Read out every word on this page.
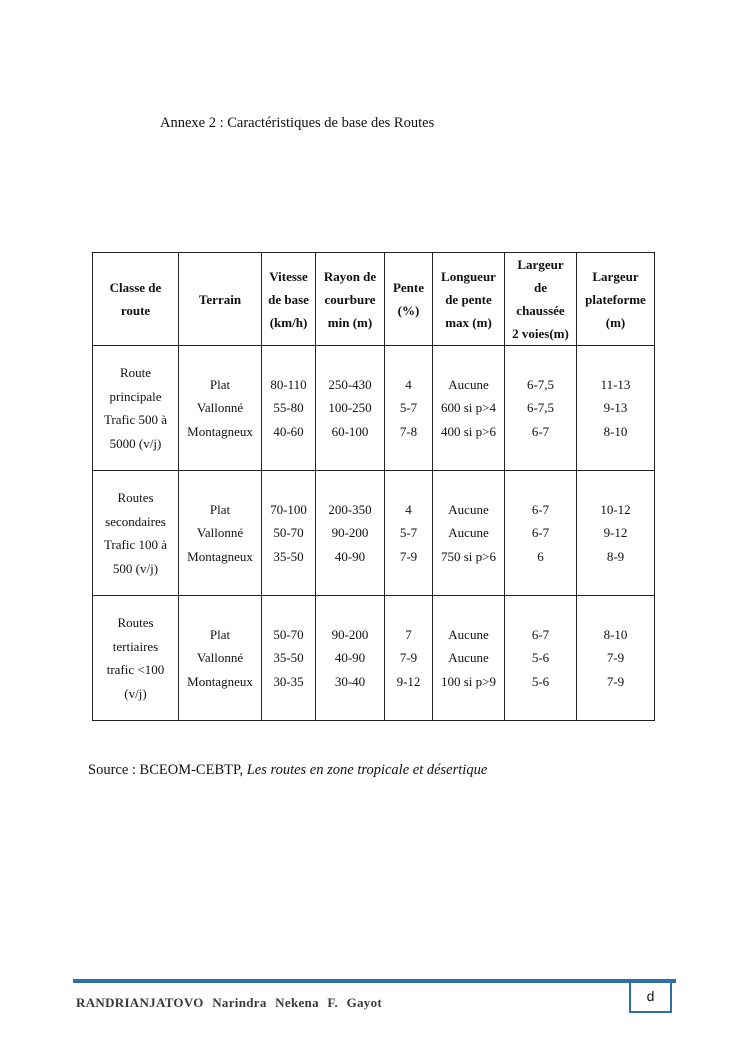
Annexe 2 : Caractéristiques de base des Routes
Classe de
route	Terrain	Vitesse
de base
(km/h)	Rayon de
courbure
min (m)	Pente
(%)	Longueur
de pente
max (m)	Largeur
de
chaussée
2 voies(m)	Largeur
plateforme
(m)

Route
principale
Trafic 500 à
5000 (v/j)	Plat
Vallonné
Montagneux	80-110
55-80
40-60	250-430
100-250
60-100	4
5-7
7-8	Aucune
600 si p>4
400 si p>6	6-7,5
6-7,5
6-7	11-13
9-13
8-10

Routes
secondaires
Trafic 100 à
500 (v/j)	Plat
Vallonné
Montagneux	70-100
50-70
35-50	200-350
90-200
40-90	4
5-7
7-9	Aucune
Aucune
750 si p>6	6-7
6-7
6	10-12
9-12
8-9

Routes
tertiaires
trafic <100
(v/j)	Plat
Vallonné
Montagneux	50-70
35-50
30-35	90-200
40-90
30-40	7
7-9
9-12	Aucune
Aucune
100 si p>9	6-7
5-6
5-6	8-10
7-9
7-9
Source : BCEOM-CEBTP, Les routes en zone tropicale et désertique
RANDRIANJATOVO Narindra Nekena F. Gayot	d
